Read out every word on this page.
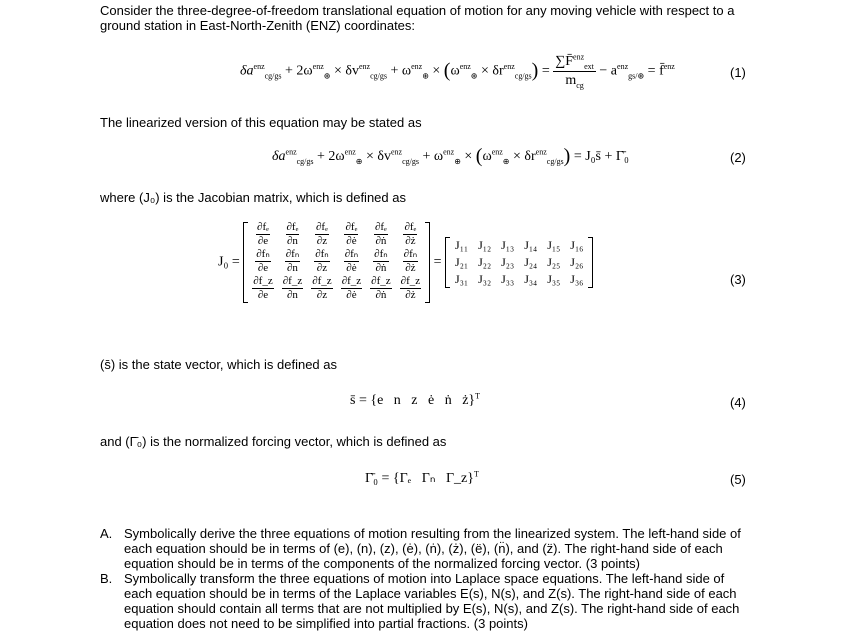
Consider the three-degree-of-freedom translational equation of motion for any moving vehicle with respect to a ground station in East-North-Zenith (ENZ) coordinates:
$\delta a^{enz}_{cg/gs} + 2\omega^{enz}_\oplus \times \delta v^{enz}_{cg/gs} + \omega^{enz}_\oplus \times (\omega^{enz}_\oplus \times \delta r^{enz}_{cg/gs}) = \frac{\sum F̄^{enz}_{ext}}{m_{cg}} - a^{enz}_{gs/\oplus}$ = f̄$^{enz}$	(1)
The linearized version of this equation may be stated as
$\delta a^{enz}_{cg/gs} + 2\omega^{enz}_\oplus \times \delta v^{enz}_{cg/gs} + \omega^{enz}_\oplus \times (\omega^{enz}_\oplus \times \delta r^{enz}_{cg/gs})$ = J₀s̄ + Γ̄₀	(2)
where (J₀) is the Jacobian matrix, which is defined as
J₀ =
$\frac{\text{∂fₑ}}{\partial e}$	$\frac{\text{∂fₑ}}{\partial n}$	$\frac{\text{∂fₑ}}{\partial z}$	$\frac{\text{∂fₑ}}{\partial ė}$	$\frac{\text{∂fₑ}}{\text{∂ṅ}}$	$\frac{\text{∂fₑ}}{\partial ż}$

$\frac{\text{∂fₙ}}{\partial e}$	$\frac{\text{∂fₙ}}{\partial n}$	$\frac{\text{∂fₙ}}{\partial z}$	$\frac{\text{∂fₙ}}{\partial ė}$	$\frac{\text{∂fₙ}}{\text{∂ṅ}}$	$\frac{\text{∂fₙ}}{\partial ż}$

$\frac{\partial f\_z}{\partial e}$	$\frac{\partial f\_z}{\partial n}$	$\frac{\partial f\_z}{\partial z}$	$\frac{\partial f\_z}{\partial ė}$	$\frac{\partial f\_z}{\text{∂ṅ}}$	$\frac{\partial f\_z}{\partial ż}$
=
J₁₁	J₁₂	J₁₃	J₁₄	J₁₅	J₁₆
J₂₁	J₂₂	J₂₃	J₂₄	J₂₅	J₂₆
J₃₁	J₃₂	J₃₃	J₃₄	J₃₅	J₃₆	(3)
(s̄) is the state vector, which is defined as
s̄ = {e   n   z   ė   ṅ   ż}$^T$	(4)
and (Γ̄₀) is the normalized forcing vector, which is defined as
Γ̄₀ = {Γₑ   Γₙ   Γ_z}$^T$	(5)
A. Symbolically derive the three equations of motion resulting from the linearized system. The left-hand side of each equation should be in terms of (e), (n), (z), (ė), (ṅ), (ż), (ë), (n̈), and (z̈). The right-hand side of each equation should be in terms of the components of the normalized forcing vector. (3 points)
B. Symbolically transform the three equations of motion into Laplace space equations. The left-hand side of each equation should be in terms of the Laplace variables E(s), N(s), and Z(s). The right-hand side of each equation should contain all terms that are not multiplied by E(s), N(s), and Z(s). The right-hand side of each equation does not need to be simplified into partial fractions. (3 points)
